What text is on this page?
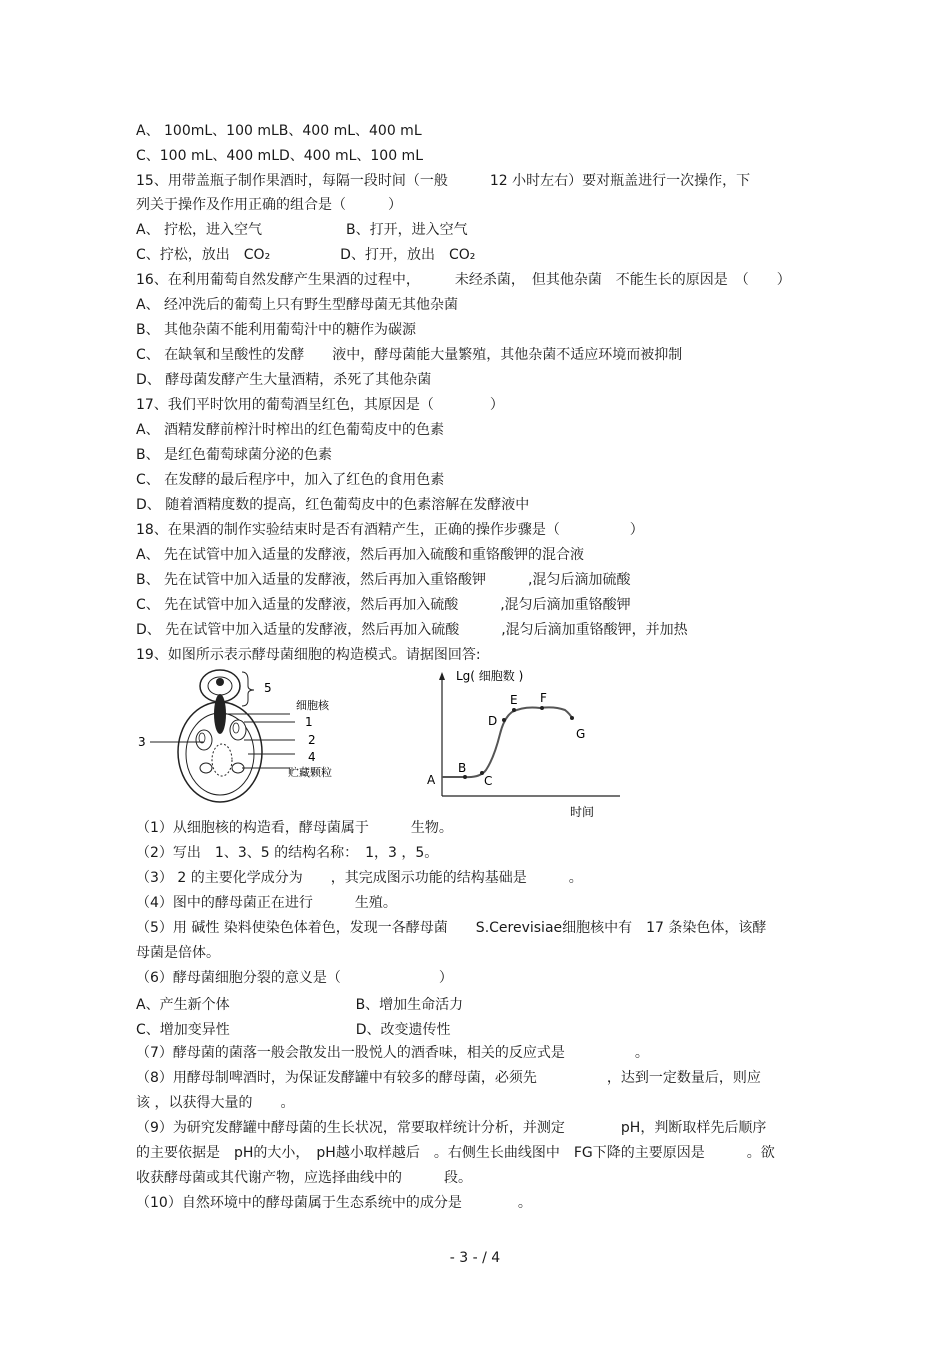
A、 100mL、100 mLB、400 mL、400 mL
C、100 mL、400 mLD、400 mL、100 mL
15、用带盖瓶子制作果酒时，每隔一段时间（一般　　　12 小时左右）要对瓶盖进行一次操作，下
列关于操作及作用正确的组合是（　　　）
A、 拧松，进入空气　　　　　　B、打开，进入空气
C、拧松，放出　CO₂　　　　　D、打开，放出　CO₂
16、在利用葡萄自然发酵产生果酒的过程中，　　　未经杀菌，　但其他杂菌　不能生长的原因是　（　　）
A、 经冲洗后的葡萄上只有野生型酵母菌无其他杂菌
B、 其他杂菌不能利用葡萄汁中的糖作为碳源
C、 在缺氧和呈酸性的发酵　　液中，酵母菌能大量繁殖，其他杂菌不适应环境而被抑制
D、 酵母菌发酵产生大量酒精，杀死了其他杂菌
17、我们平时饮用的葡萄酒呈红色，其原因是（　　　　）
A、 酒精发酵前榨汁时榨出的红色葡萄皮中的色素
B、 是红色葡萄球菌分泌的色素
C、 在发酵的最后程序中，加入了红色的食用色素
D、 随着酒精度数的提高，红色葡萄皮中的色素溶解在发酵液中
18、在果酒的制作实验结束时是否有酒精产生，正确的操作步骤是（　　　　　）
A、 先在试管中加入适量的发酵液，然后再加入硫酸和重铬酸钾的混合液
B、 先在试管中加入适量的发酵液，然后再加入重铬酸钾　　　,混匀后滴加硫酸
C、 先在试管中加入适量的发酵液，然后再加入硫酸　　　,混匀后滴加重铬酸钾
D、 先在试管中加入适量的发酵液，然后再加入硫酸　　　,混匀后滴加重铬酸钾，并加热
19、如图所示表示酵母菌细胞的构造模式。请据图回答:
5
细胞核
1
2
3
4
贮藏颗粒
Lg( 细胞数 )
时间
A
B
C
D
E F
G
（1）从细胞核的构造看，酵母菌属于　　　生物。
（2）写出　1、3、5 的结构名称：　1，3 ，5。
（3） 2 的主要化学成分为　　，其完成图示功能的结构基础是　　　。
（4）图中的酵母菌正在进行　　　生殖。
（5）用 碱性 染料使染色体着色，发现一各酵母菌　　S.Cerevisiae细胞核中有　17 条染色体，该酵
母菌是倍体。
（6）酵母菌细胞分裂的意义是（　　　　　　　）
A、产生新个体　　　　　　　　　B、增加生命活力
C、增加变异性　　　　　　　　　D、改变遗传性
（7）酵母菌的菌落一般会散发出一股悦人的酒香味，相关的反应式是　　　　　。
（8）用酵母制啤酒时，为保证发酵罐中有较多的酵母菌，必须先　　　　　，达到一定数量后，则应
该 ，以获得大量的　　。
（9）为研究发酵罐中酵母菌的生长状况，常要取样统计分析，并测定　　　　pH，判断取样先后顺序
的主要依据是　pH的大小，　pH越小取样越后　。右侧生长曲线图中　FG下降的主要原因是　　　。欲
收获酵母菌或其代谢产物，应选择曲线中的　　　段。
（10）自然环境中的酵母菌属于生态系统中的成分是　　　　。
- 3 - / 4
